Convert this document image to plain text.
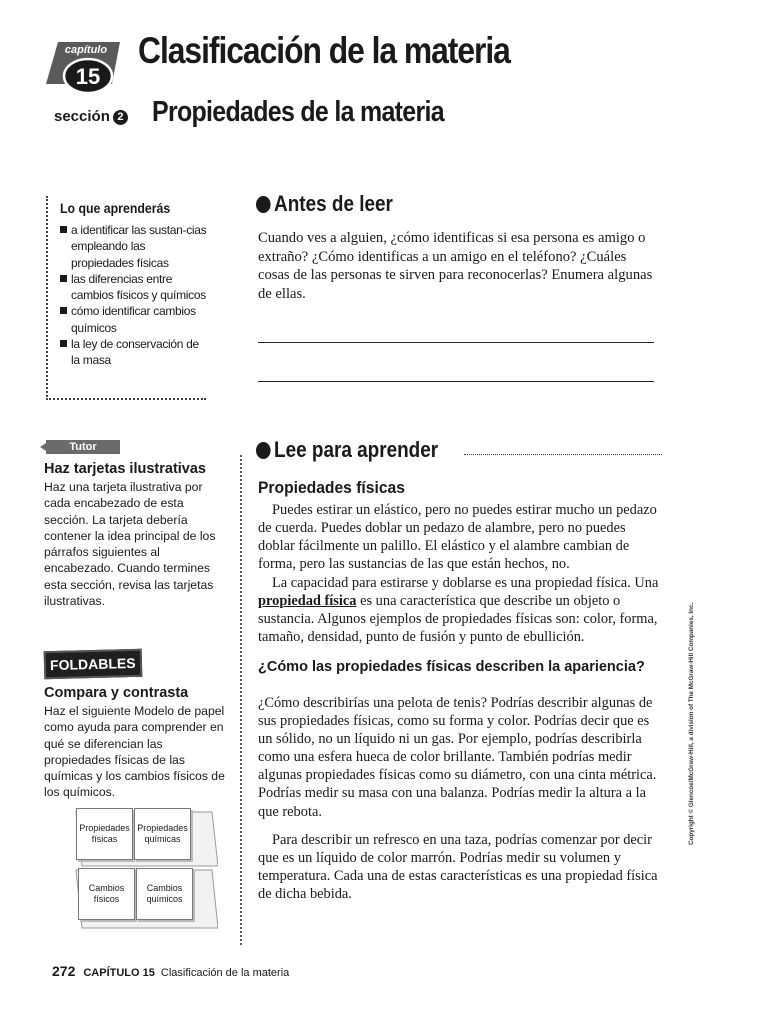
capítulo
15
Clasificación de la materia
sección 2 Propiedades de la materia
Lo que aprenderás
a identificar las sustan-cias empleando las propiedades físicas
las diferencias entre cambios físicos y químicos
cómo identificar cambios químicos
la ley de conservación de la masa
Antes de leer
Cuando ves a alguien, ¿cómo identificas si esa persona es amigo o extraño? ¿Cómo identificas a un amigo en el teléfono? ¿Cuáles cosas de las personas te sirven para reconocerlas? Enumera algunas de ellas.
Tutor
Haz tarjetas ilustrativas
Haz una tarjeta ilustrativa por cada encabezado de esta sección. La tarjeta debería contener la idea principal de los párrafos siguientes al encabezado. Cuando termines esta sección, revisa las tarjetas ilustrativas.
FOLDABLES
Compara y contrasta
Haz el siguiente Modelo de papel como ayuda para comprender en qué se diferencian las propiedades físicas de las químicas y los cambios físicos de los químicos.
Propiedades físicas
Propiedades químicas
Cambios físicos
Cambios químicos
Lee para aprender
Propiedades físicas

Puedes estirar un elástico, pero no puedes estirar mucho un pedazo de cuerda. Puedes doblar un pedazo de alambre, pero no puedes doblar fácilmente un palillo. El elástico y el alambre cambian de forma, pero las sustancias de las que están hechos, no.

La capacidad para estirarse y doblarse es una propiedad física. Una propiedad física es una característica que describe un objeto o sustancia. Algunos ejemplos de propiedades físicas son: color, forma, tamaño, densidad, punto de fusión y punto de ebullición.

¿Cómo las propiedades físicas describen la apariencia?

¿Cómo describirías una pelota de tenis? Podrías describir algunas de sus propiedades físicas, como su forma y color. Podrías decir que es un sólido, no un líquido ni un gas. Por ejemplo, podrías describirla como una esfera hueca de color brillante. También podrías medir algunas propiedades físicas como su diámetro, con una cinta métrica. Podrías medir su masa con una balanza. Podrías medir la altura a la que rebota.

Para describir un refresco en una taza, podrías comenzar por decir que es un líquido de color marrón. Podrías medir su volumen y temperatura. Cada una de estas características es una propiedad física de dicha bebida.

Copyright © Glencoe/McGraw-Hill, a division of The McGraw-Hill Companies, Inc.
272 CAPÍTULO 15 Clasificación de la materia
